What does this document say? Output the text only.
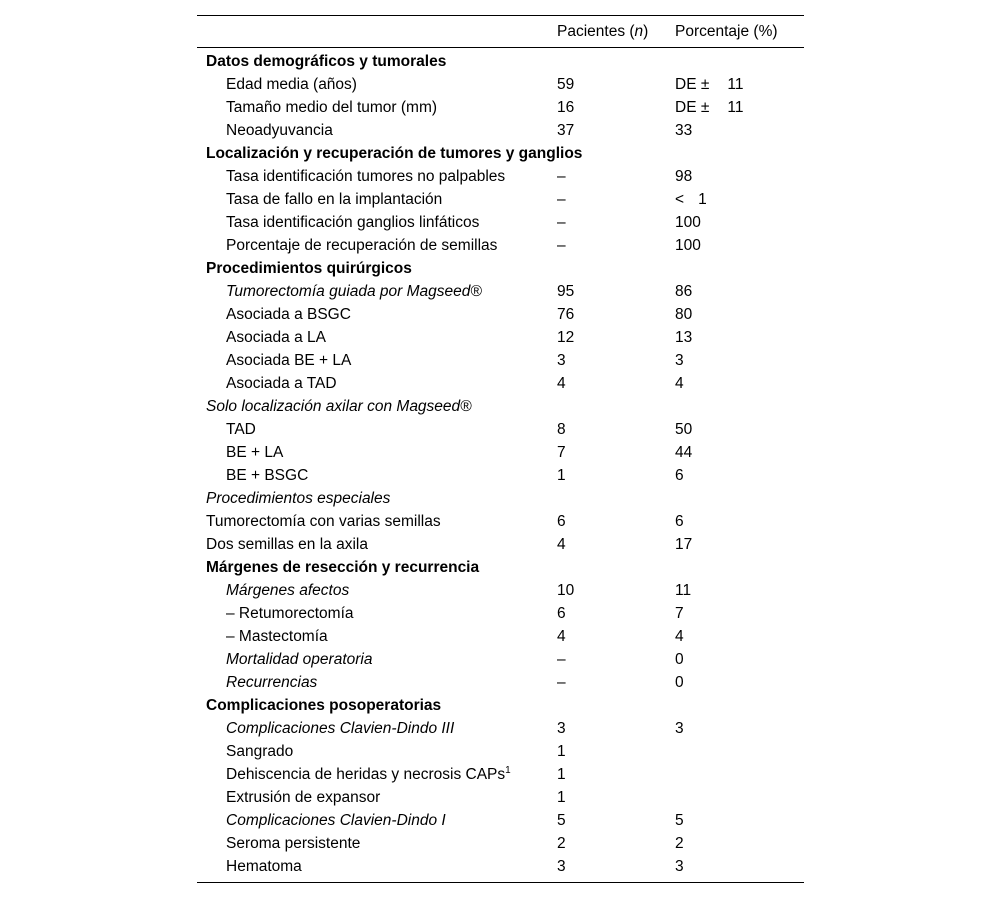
	Pacientes (n)	Porcentaje (%)
Datos demográficos y tumorales		
Edad media (años)	59	DE ± 11
Tamaño medio del tumor (mm)	16	DE ± 11
Neoadyuvancia	37	33
Localización y recuperación de tumores y ganglios		
Tasa identificación tumores no palpables	–	98
Tasa de fallo en la implantación	–	< 1
Tasa identificación ganglios linfáticos	–	100
Porcentaje de recuperación de semillas	–	100
Procedimientos quirúrgicos		
Tumorectomía guiada por Magseed®	95	86
Asociada a BSGC	76	80
Asociada a LA	12	13
Asociada BE + LA	3	3
Asociada a TAD	4	4
Solo localización axilar con Magseed®		
TAD	8	50
BE + LA	7	44
BE + BSGC	1	6
Procedimientos especiales		
Tumorectomía con varias semillas	6	6
Dos semillas en la axila	4	17
Márgenes de resección y recurrencia		
Márgenes afectos	10	11
– Retumorectomía	6	7
– Mastectomía	4	4
Mortalidad operatoria	–	0
Recurrencias	–	0
Complicaciones posoperatorias		
Complicaciones Clavien-Dindo III	3	3
Sangrado	1	
Dehiscencia de heridas y necrosis CAPs$^1$	1	
Extrusión de expansor	1	
Complicaciones Clavien-Dindo I	5	5
Seroma persistente	2	2
Hematoma	3	3
